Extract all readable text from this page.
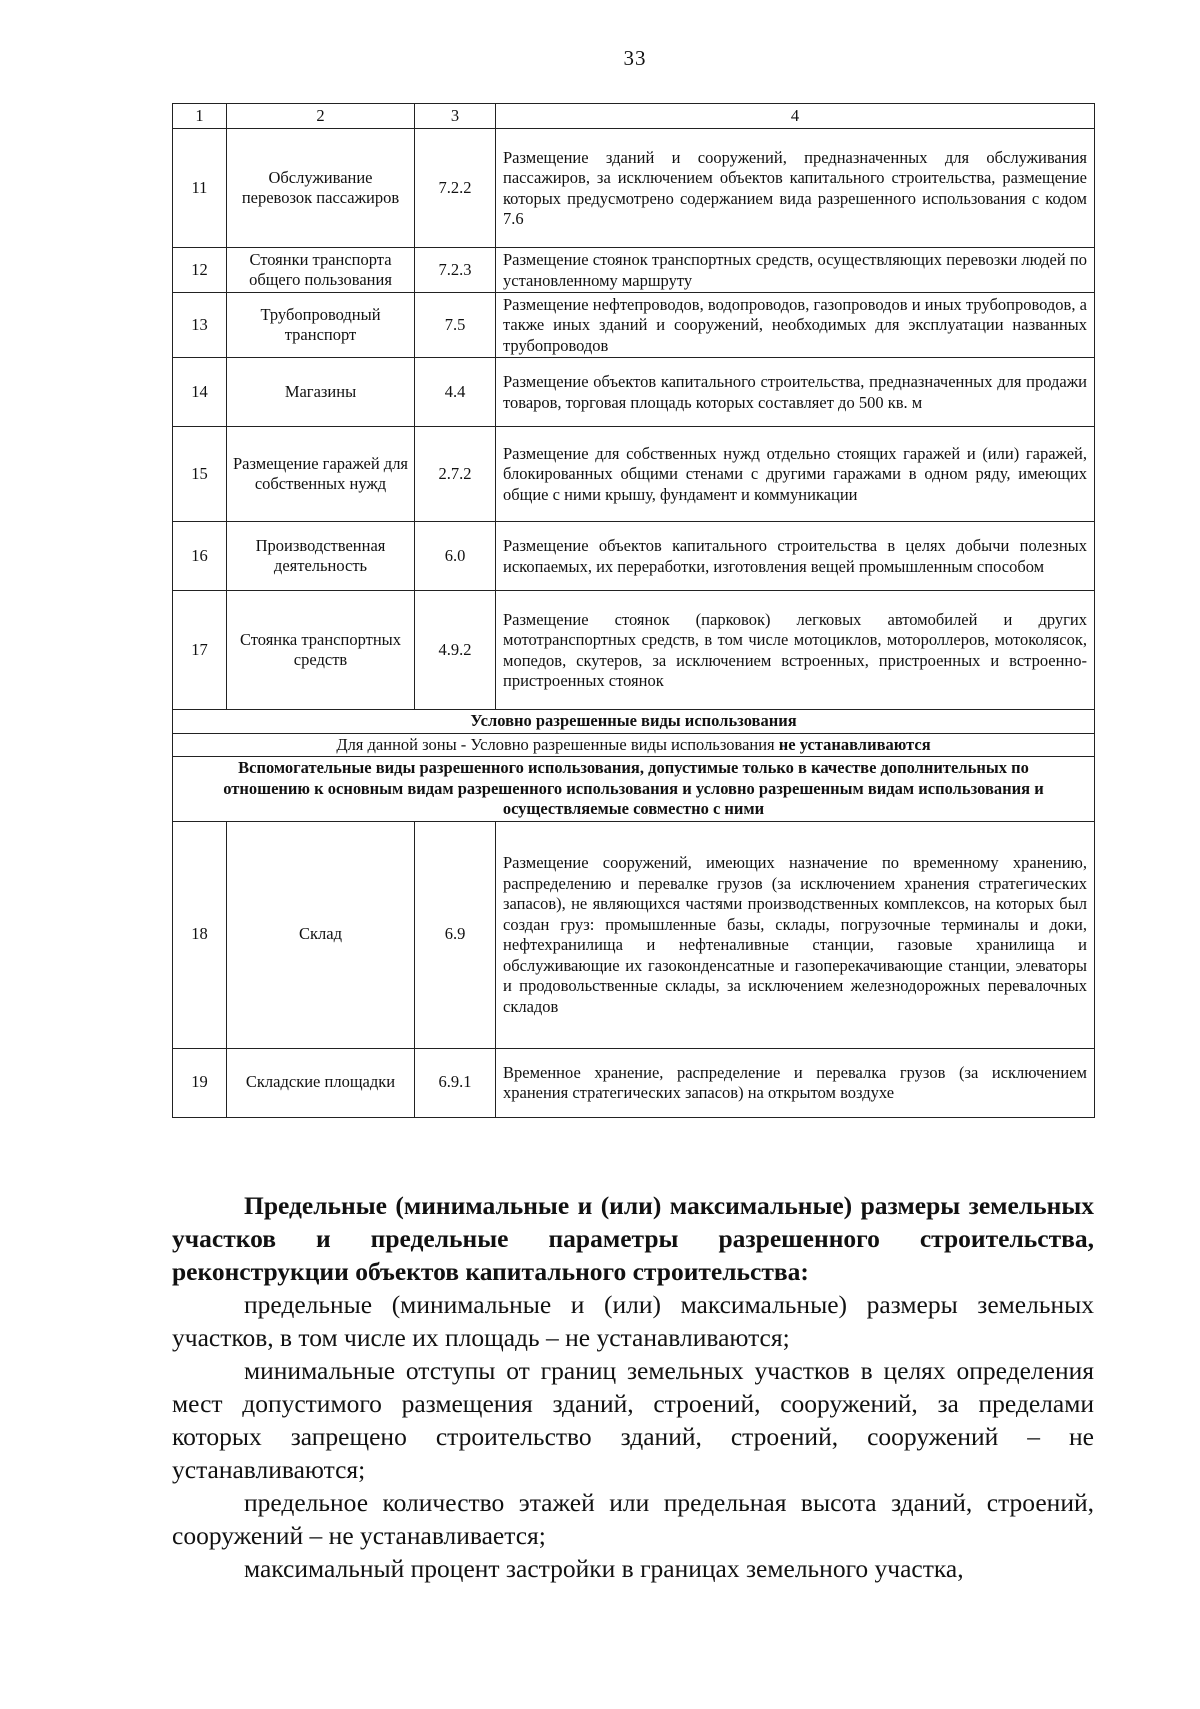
33
1	2	3	4
11	Обслуживание перевозок пассажиров	7.2.2	Размещение зданий и сооружений, предназначенных для обслуживания пассажиров, за исключением объектов капитального строительства, размещение которых предусмотрено содержанием вида разрешенного использования с кодом 7.6
12	Стоянки транспорта общего пользования	7.2.3	Размещение стоянок транспортных средств, осуществляющих перевозки людей по установленному маршруту
13	Трубопроводный транспорт	7.5	Размещение нефтепроводов, водопроводов, газопроводов и иных трубопроводов, а также иных зданий и сооружений, необходимых для эксплуатации названных трубопроводов
14	Магазины	4.4	Размещение объектов капитального строительства, предназначенных для продажи товаров, торговая площадь которых составляет до 500 кв. м
15	Размещение гаражей для собственных нужд	2.7.2	Размещение для собственных нужд отдельно стоящих гаражей и (или) гаражей, блокированных общими стенами с другими гаражами в одном ряду, имеющих общие с ними крышу, фундамент и коммуникации
16	Производственная деятельность	6.0	Размещение объектов капитального строительства в целях добычи полезных ископаемых, их переработки, изготовления вещей промышленным способом
17	Стоянка транспортных средств	4.9.2	Размещение стоянок (парковок) легковых автомобилей и других мототранспортных средств, в том числе мотоциклов, мотороллеров, мотоколясок, мопедов, скутеров, за исключением встроенных, пристроенных и встроенно-пристроенных стоянок
Условно разрешенные виды использования			
Для данной зоны - Условно разрешенные виды использования не устанавливаются			
Вспомогательные виды разрешенного использования, допустимые только в качестве дополнительных по отношению к основным видам разрешенного использования и условно разрешенным видам использования и осуществляемые совместно с ними			
18	Склад	6.9	Размещение сооружений, имеющих назначение по временному хранению, распределению и перевалке грузов (за исключением хранения стратегических запасов), не являющихся частями производственных комплексов, на которых был создан груз: промышленные базы, склады, погрузочные терминалы и доки, нефтехранилища и нефтеналивные станции, газовые хранилища и обслуживающие их газоконденсатные и газоперекачивающие станции, элеваторы и продовольственные склады, за исключением железнодорожных перевалочных складов
19	Складские площадки	6.9.1	Временное хранение, распределение и перевалка грузов (за исключением хранения стратегических запасов) на открытом воздухе

Предельные (минимальные и (или) максимальные) размеры земельных участков и предельные параметры разрешенного строительства, реконструкции объектов капитального строительства:

предельные (минимальные и (или) максимальные) размеры земельных участков, в том числе их площадь – не устанавливаются;

минимальные отступы от границ земельных участков в целях определения мест допустимого размещения зданий, строений, сооружений, за пределами которых запрещено строительство зданий, строений, сооружений – не устанавливаются;

предельное количество этажей или предельная высота зданий, строений, сооружений – не устанавливается;

максимальный процент застройки в границах земельного участка,
